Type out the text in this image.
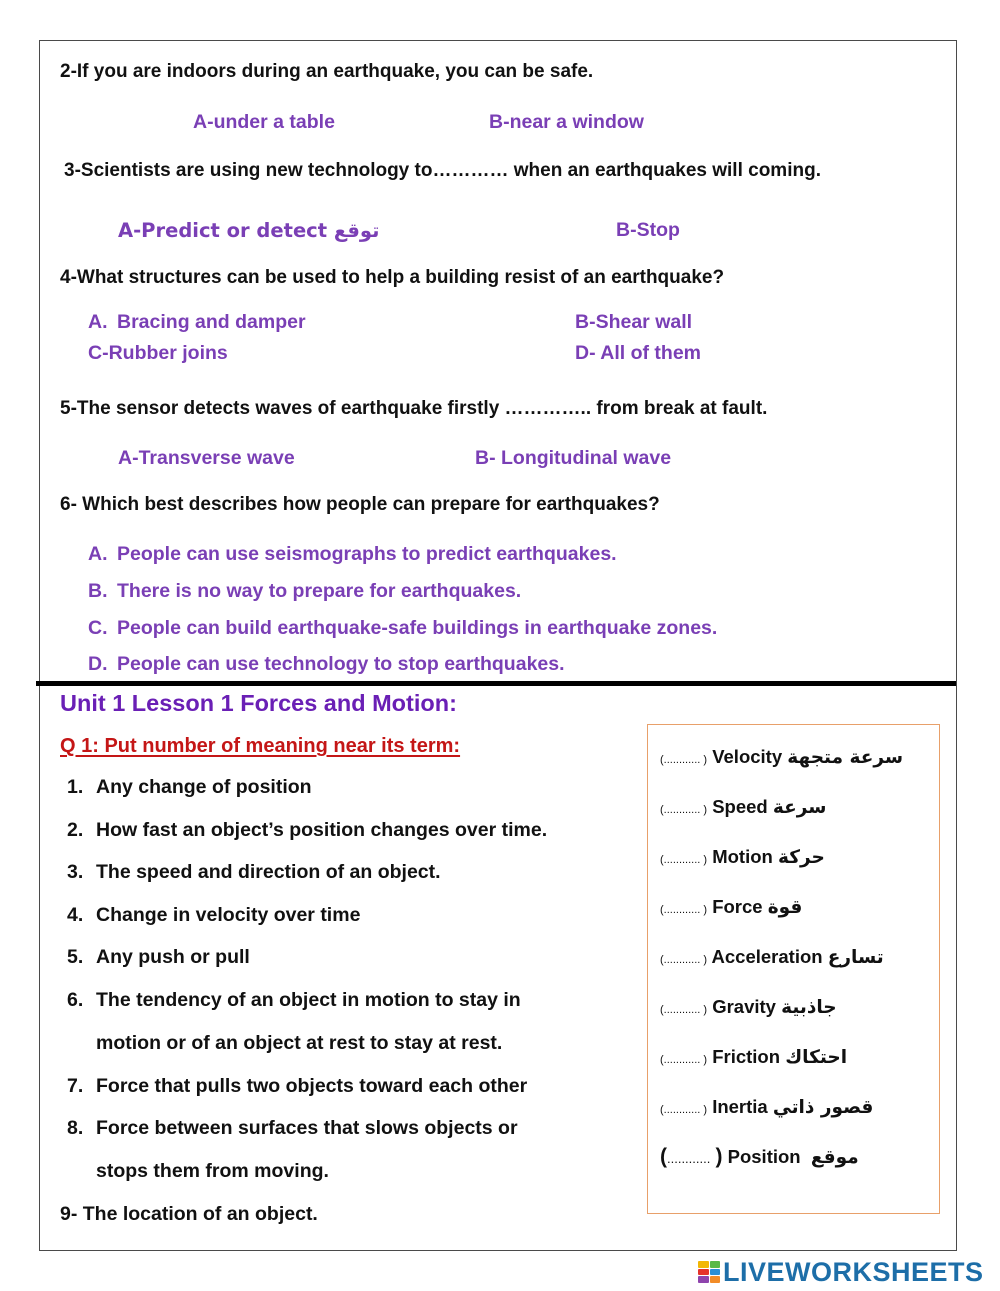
2-If you are indoors during an earthquake, you can be safe.
A-under a table	B-near a window
3-Scientists are using new technology to………… when an earthquakes will coming.
A-Predict or detect توقع	B-Stop
4-What structures can be used to help a building resist of an earthquake?
A. Bracing and damper	B-Shear wall
C-Rubber joins	D- All of them
5-The sensor detects waves of earthquake firstly ………….. from break at fault.
A-Transverse wave	B- Longitudinal wave
6- Which best describes how people can prepare for earthquakes?
A. People can use seismographs to predict earthquakes.
B. There is no way to prepare for earthquakes.
C. People can build earthquake-safe buildings in earthquake zones.
D. People can use technology to stop earthquakes.
Unit 1 Lesson 1 Forces and Motion:
Q 1: Put number of meaning near its term:
1. Any change of position
2. How fast an object’s position changes over time.
3. The speed and direction of an object.
4. Change in velocity over time
5. Any push or pull
6. The tendency of an object in motion to stay in
motion or of an object at rest to stay at rest.
7. Force that pulls two objects toward each other
8. Force between surfaces that slows objects or
stops them from moving.
9- The location of an object.
(............ ) Velocity سرعة متجهة
(............ ) Speed سرعة
(............ ) Motion حركة
(............ ) Force قوة
(............ ) Acceleration تسارع
(............ ) Gravity جاذبية
(............ ) Friction احتكاك
(............ ) Inertia قصور ذاتي
(............ ) Position موقع
LIVEWORKSHEETS
